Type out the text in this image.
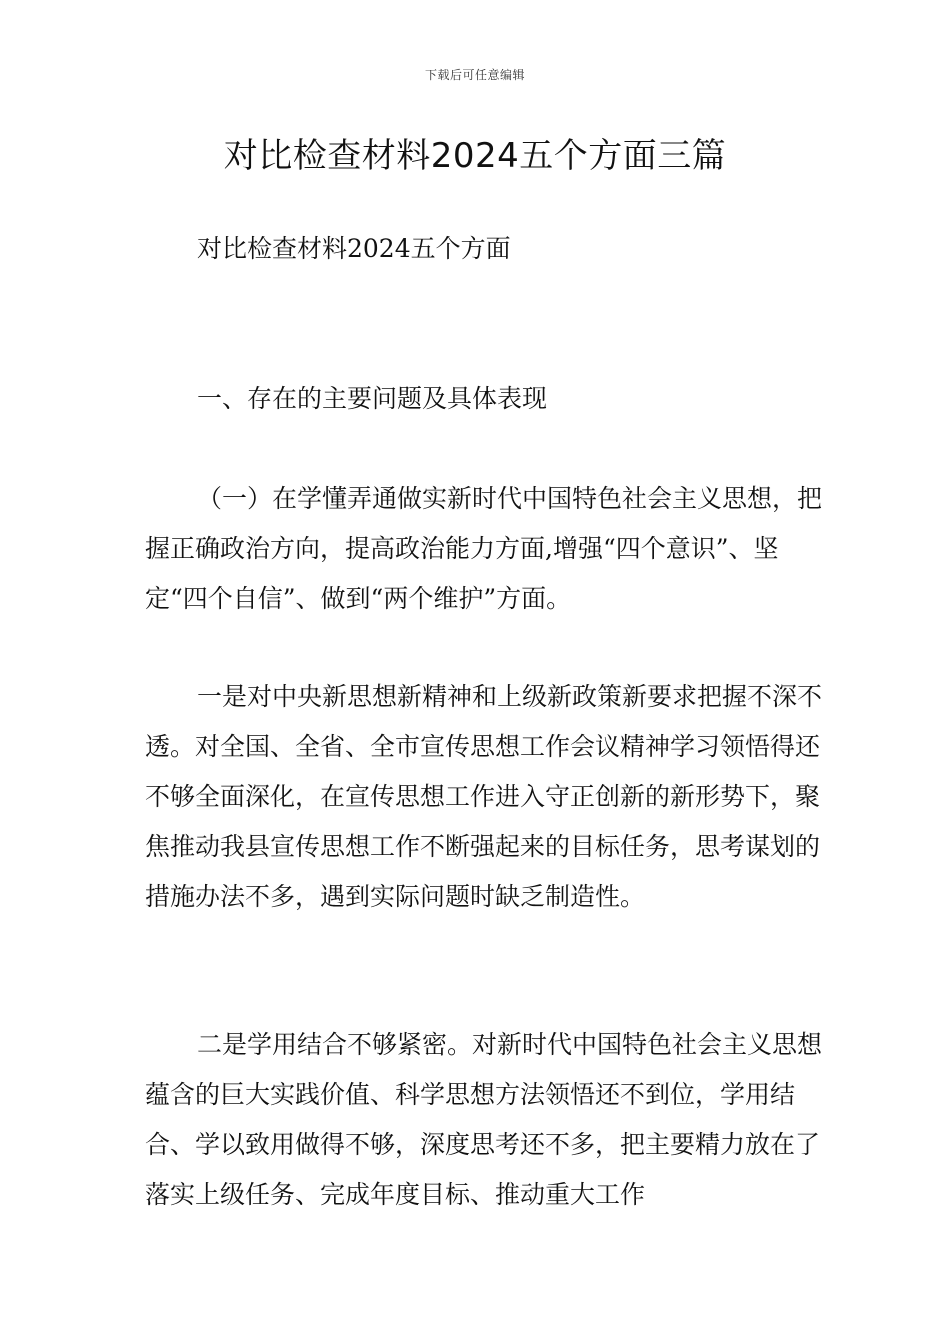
下载后可任意编辑
对比检查材料2024五个方面三篇

对比检查材料2024五个方面

一、存在的主要问题及具体表现

（一）在学懂弄通做实新时代中国特色社会主义思想，把握正确政治方向，提高政治能力方面,增强“四个意识”、坚定“四个自信”、做到“两个维护”方面。

一是对中央新思想新精神和上级新政策新要求把握不深不透。对全国、全省、全市宣传思想工作会议精神学习领悟得还不够全面深化，在宣传思想工作进入守正创新的新形势下，聚焦推动我县宣传思想工作不断强起来的目标任务，思考谋划的措施办法不多，遇到实际问题时缺乏制造性。

二是学用结合不够紧密。对新时代中国特色社会主义思想蕴含的巨大实践价值、科学思想方法领悟还不到位，学用结合、学以致用做得不够，深度思考还不多，把主要精力放在了落实上级任务、完成年度目标、推动重大工作
